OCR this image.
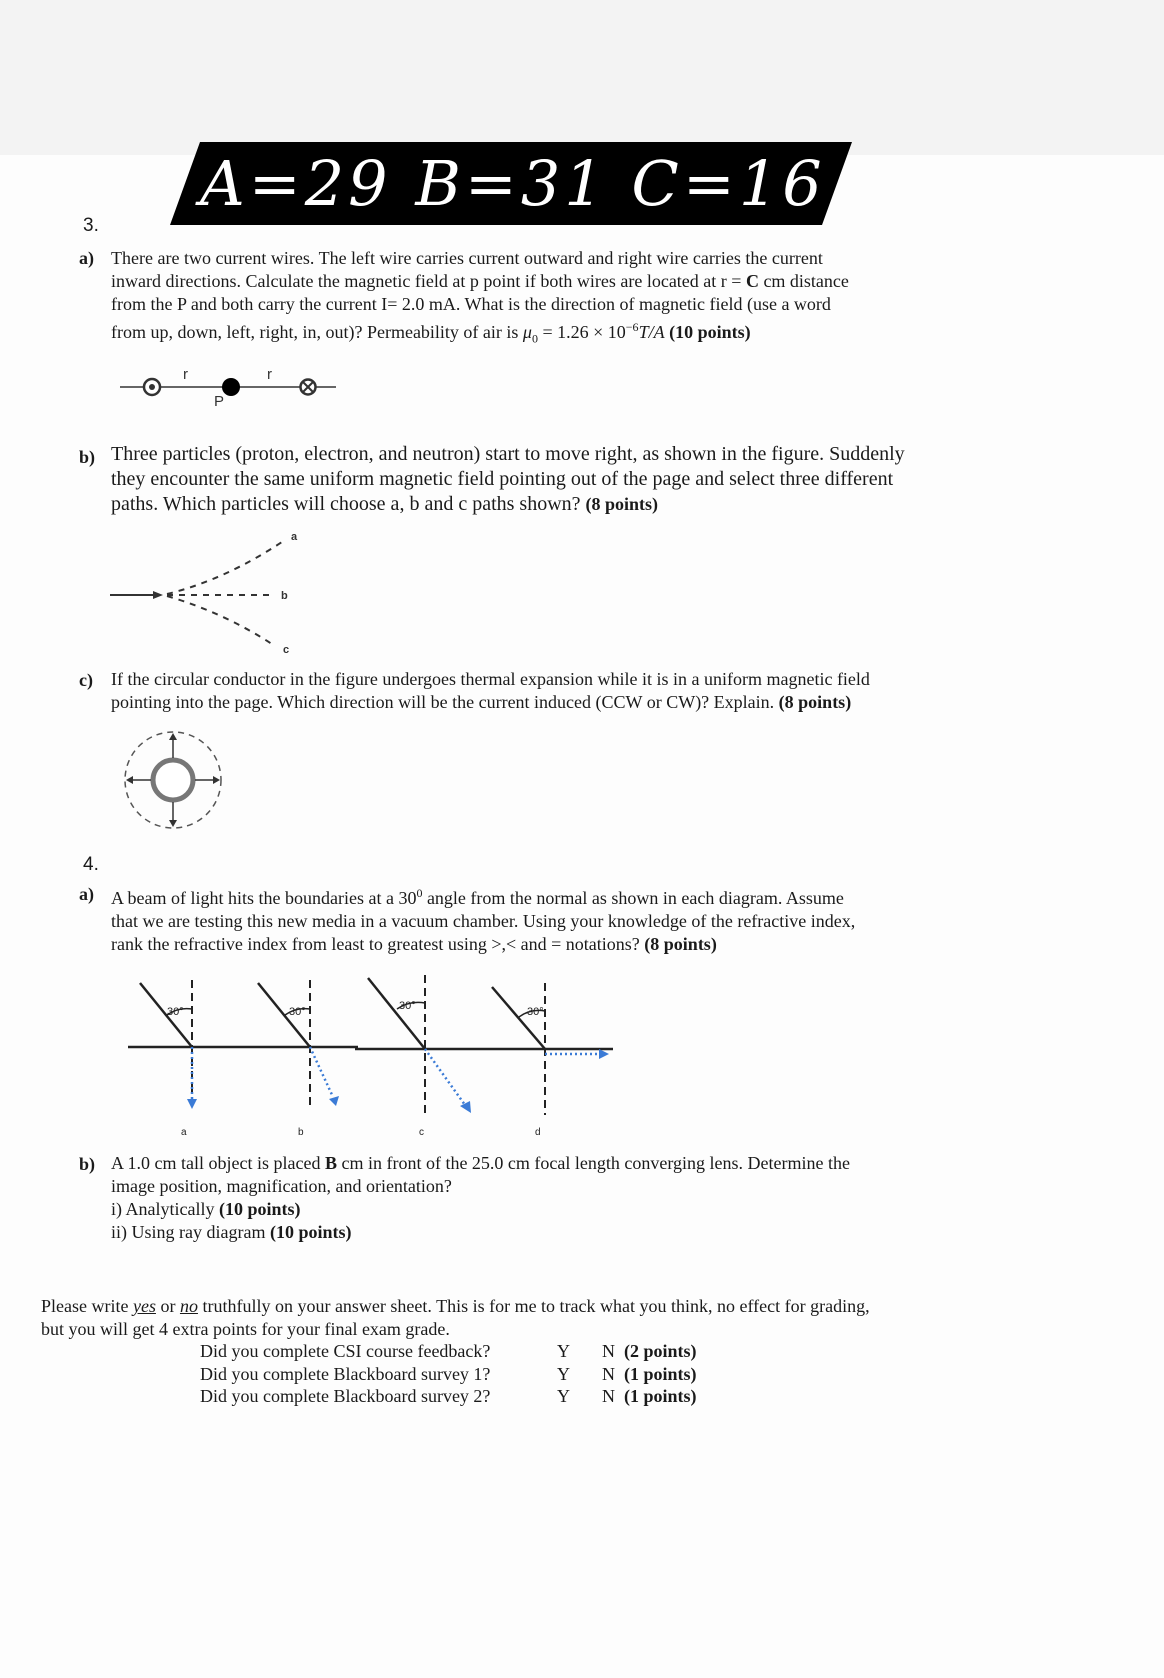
A=29 B=31 C=16
3.
a) There are two current wires. The left wire carries current outward and right wire carries the current
inward directions. Calculate the magnetic field at p point if both wires are located at r = C cm distance
from the P and both carry the current I= 2.0 mA. What is the direction of magnetic field (use a word
from up, down, left, right, in, out)? Permeability of air is $\mu_0 = 1.26 \times 10^{-6}T/A$ (10 points)
r	r
P
b) Three particles (proton, electron, and neutron) start to move right, as shown in the figure. Suddenly
they encounter the same uniform magnetic field pointing out of the page and select three different
paths. Which particles will choose a, b and c paths shown? (8 points)
a
b
c
c) If the circular conductor in the figure undergoes thermal expansion while it is in a uniform magnetic field
pointing into the page. Which direction will be the current induced (CCW or CW)? Explain. (8 points)
4.
a) A beam of light hits the boundaries at a $30^0$ angle from the normal as shown in each diagram. Assume
that we are testing this new media in a vacuum chamber. Using your knowledge of the refractive index,
rank the refractive index from least to greatest using >,< and = notations? (8 points)
30°
a
30°
b
30°
c
30°
d
b) A 1.0 cm tall object is placed B cm in front of the 25.0 cm focal length converging lens. Determine the
image position, magnification, and orientation?
i) Analytically (10 points)
ii) Using ray diagram (10 points)
Please write yes or no truthfully on your answer sheet. This is for me to track what you think, no effect for grading,
but you will get 4 extra points for your final exam grade.
Did you complete CSI course feedback?	Y N (2 points)
Did you complete Blackboard survey 1?	Y N (1 points)
Did you complete Blackboard survey 2?	Y N (1 points)
